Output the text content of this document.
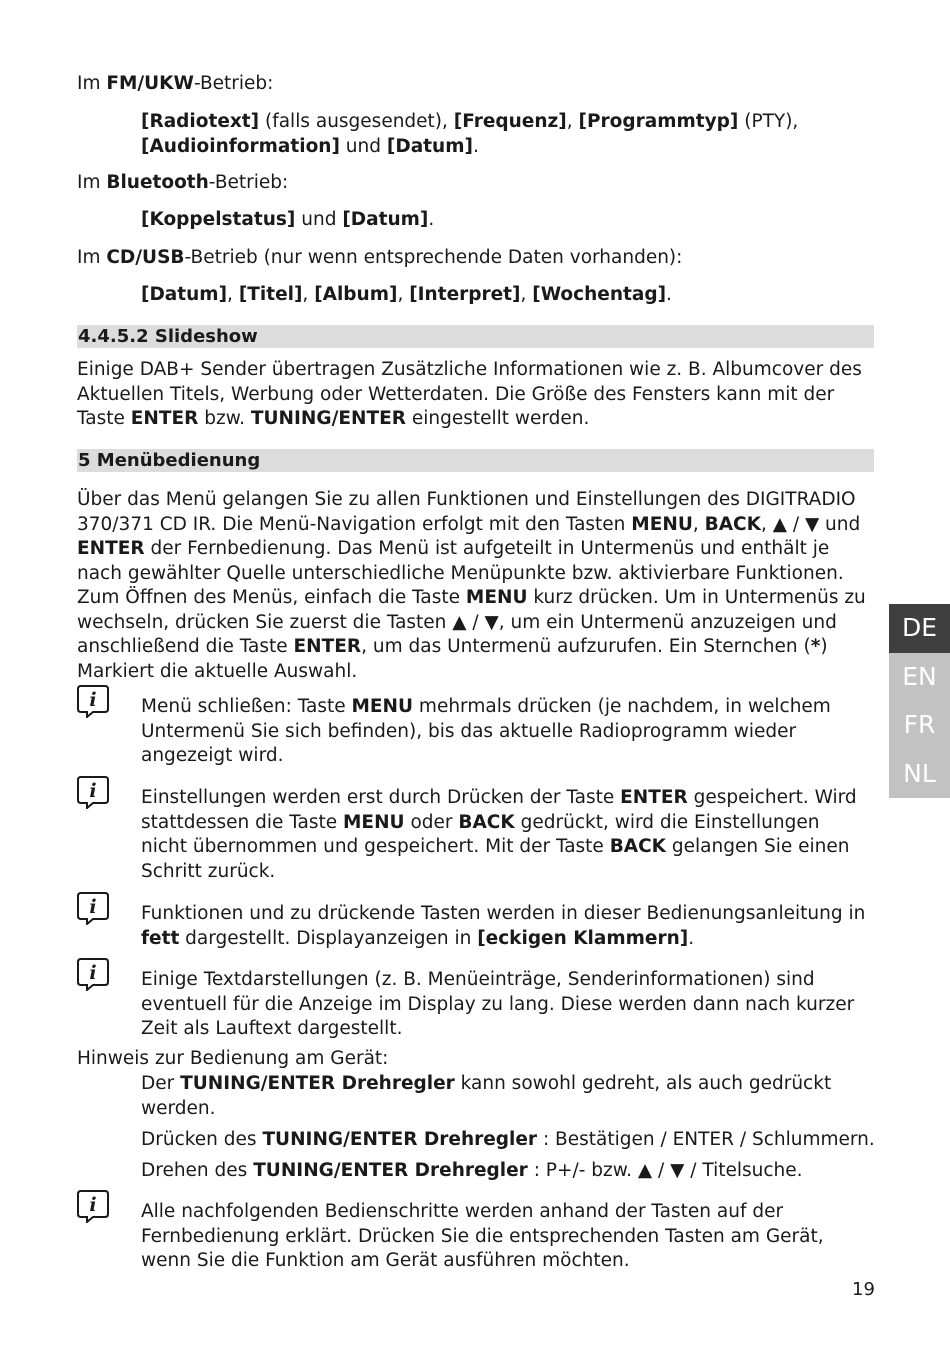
Im FM/UKW-Betrieb:

[Radiotext] (falls ausgesendet), [Frequenz], [Programmtyp] (PTY), [Audioinformation] und [Datum].

Im Bluetooth-Betrieb:

[Koppelstatus] und [Datum].

Im CD/USB-Betrieb (nur wenn entsprechende Daten vorhanden):

[Datum], [Titel], [Album], [Interpret], [Wochentag].

4.4.5.2 Slideshow

Einige DAB+ Sender übertragen Zusätzliche Informationen wie z. B. Albumcover des Aktuellen Titels, Werbung oder Wetterdaten. Die Größe des Fensters kann mit der Taste ENTER bzw. TUNING/ENTER eingestellt werden.

5 Menübedienung

Über das Menü gelangen Sie zu allen Funktionen und Einstellungen des DIGITRADIO 370/371 CD IR. Die Menü-Navigation erfolgt mit den Tasten MENU, BACK, ▲ / ▼ und ENTER der Fernbedienung. Das Menü ist aufgeteilt in Untermenüs und enthält je nach gewählter Quelle unterschiedliche Menüpunkte bzw. aktivierbare Funktionen. Zum Öffnen des Menüs, einfach die Taste MENU kurz drücken. Um in Untermenüs zu wechseln, drücken Sie zuerst die Tasten ▲ / ▼, um ein Untermenü anzuzeigen und anschließend die Taste ENTER, um das Untermenü aufzurufen. Ein Sternchen (*) Markiert die aktuelle Auswahl.

i Menü schließen: Taste MENU mehrmals drücken (je nachdem, in welchem Untermenü Sie sich befinden), bis das aktuelle Radioprogramm wieder angezeigt wird.

i Einstellungen werden erst durch Drücken der Taste ENTER gespeichert. Wird stattdessen die Taste MENU oder BACK gedrückt, wird die Einstellungen nicht übernommen und gespeichert. Mit der Taste BACK gelangen Sie einen Schritt zurück.

i Funktionen und zu drückende Tasten werden in dieser Bedienungsanleitung in fett dargestellt. Displayanzeigen in [eckigen Klammern].

i Einige Textdarstellungen (z. B. Menüeinträge, Senderinformationen) sind eventuell für die Anzeige im Display zu lang. Diese werden dann nach kurzer Zeit als Lauftext dargestellt.

Hinweis zur Bedienung am Gerät:

Der TUNING/ENTER Drehregler kann sowohl gedreht, als auch gedrückt werden.

Drücken des TUNING/ENTER Drehregler : Bestätigen / ENTER / Schlummern.

Drehen des TUNING/ENTER Drehregler : P+/- bzw. ▲ / ▼ / Titelsuche.

i Alle nachfolgenden Bedienschritte werden anhand der Tasten auf der Fernbedienung erklärt. Drücken Sie die entsprechenden Tasten am Gerät, wenn Sie die Funktion am Gerät ausführen möchten.

DE
EN
FR
NL
19
